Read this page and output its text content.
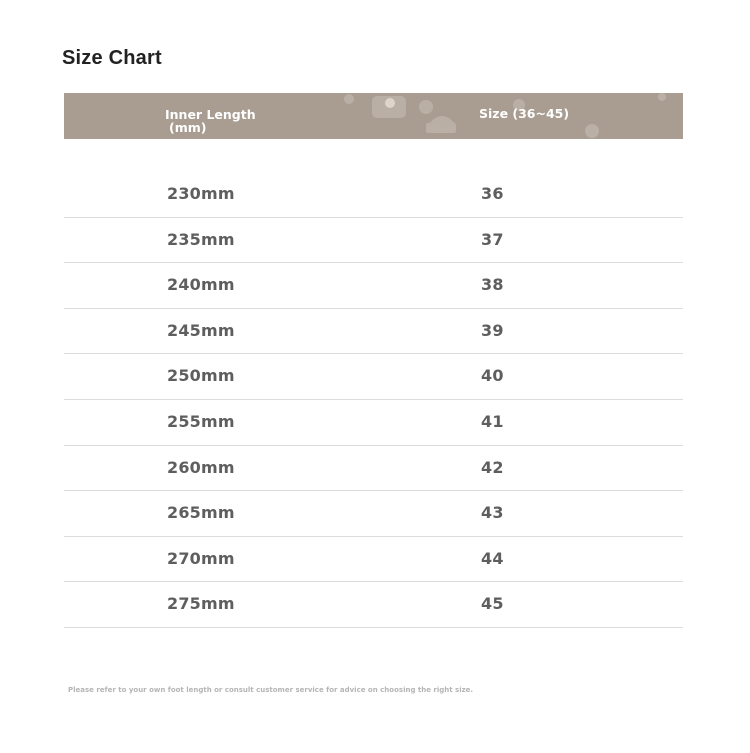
Size Chart
Inner Length
(mm)
Size (36~45)
230mm	36
235mm	37
240mm	38
245mm	39
250mm	40
255mm	41
260mm	42
265mm	43
270mm	44
275mm	45
Please refer to your own foot length or consult customer service for advice on choosing the right size.
